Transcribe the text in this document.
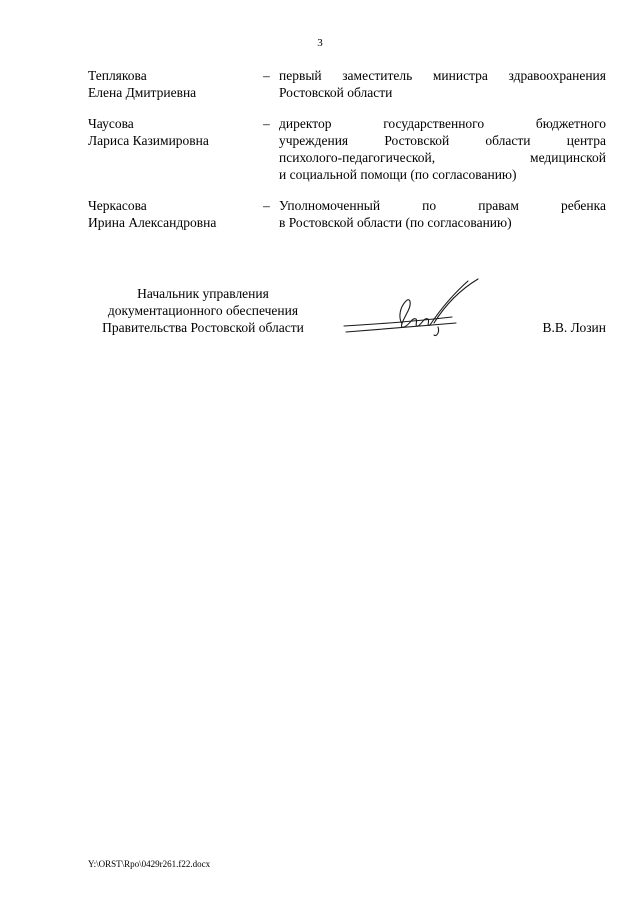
3
Теплякова
Елена Дмитриевна
– первый заместитель министра здравоохранения
Ростовской области
Чаусова
Лариса Казимировна
– директор государственного бюджетного
учреждения Ростовской области центра
психолого-педагогической, медицинской
и социальной помощи (по согласованию)
Черкасова
Ирина Александровна
– Уполномоченный по правам ребенка
в Ростовской области (по согласованию)
Начальник управления
документационного обеспечения
Правительства Ростовской области	В.В. Лозин
Y:\ORST\Rpo\0429r261.f22.docx
